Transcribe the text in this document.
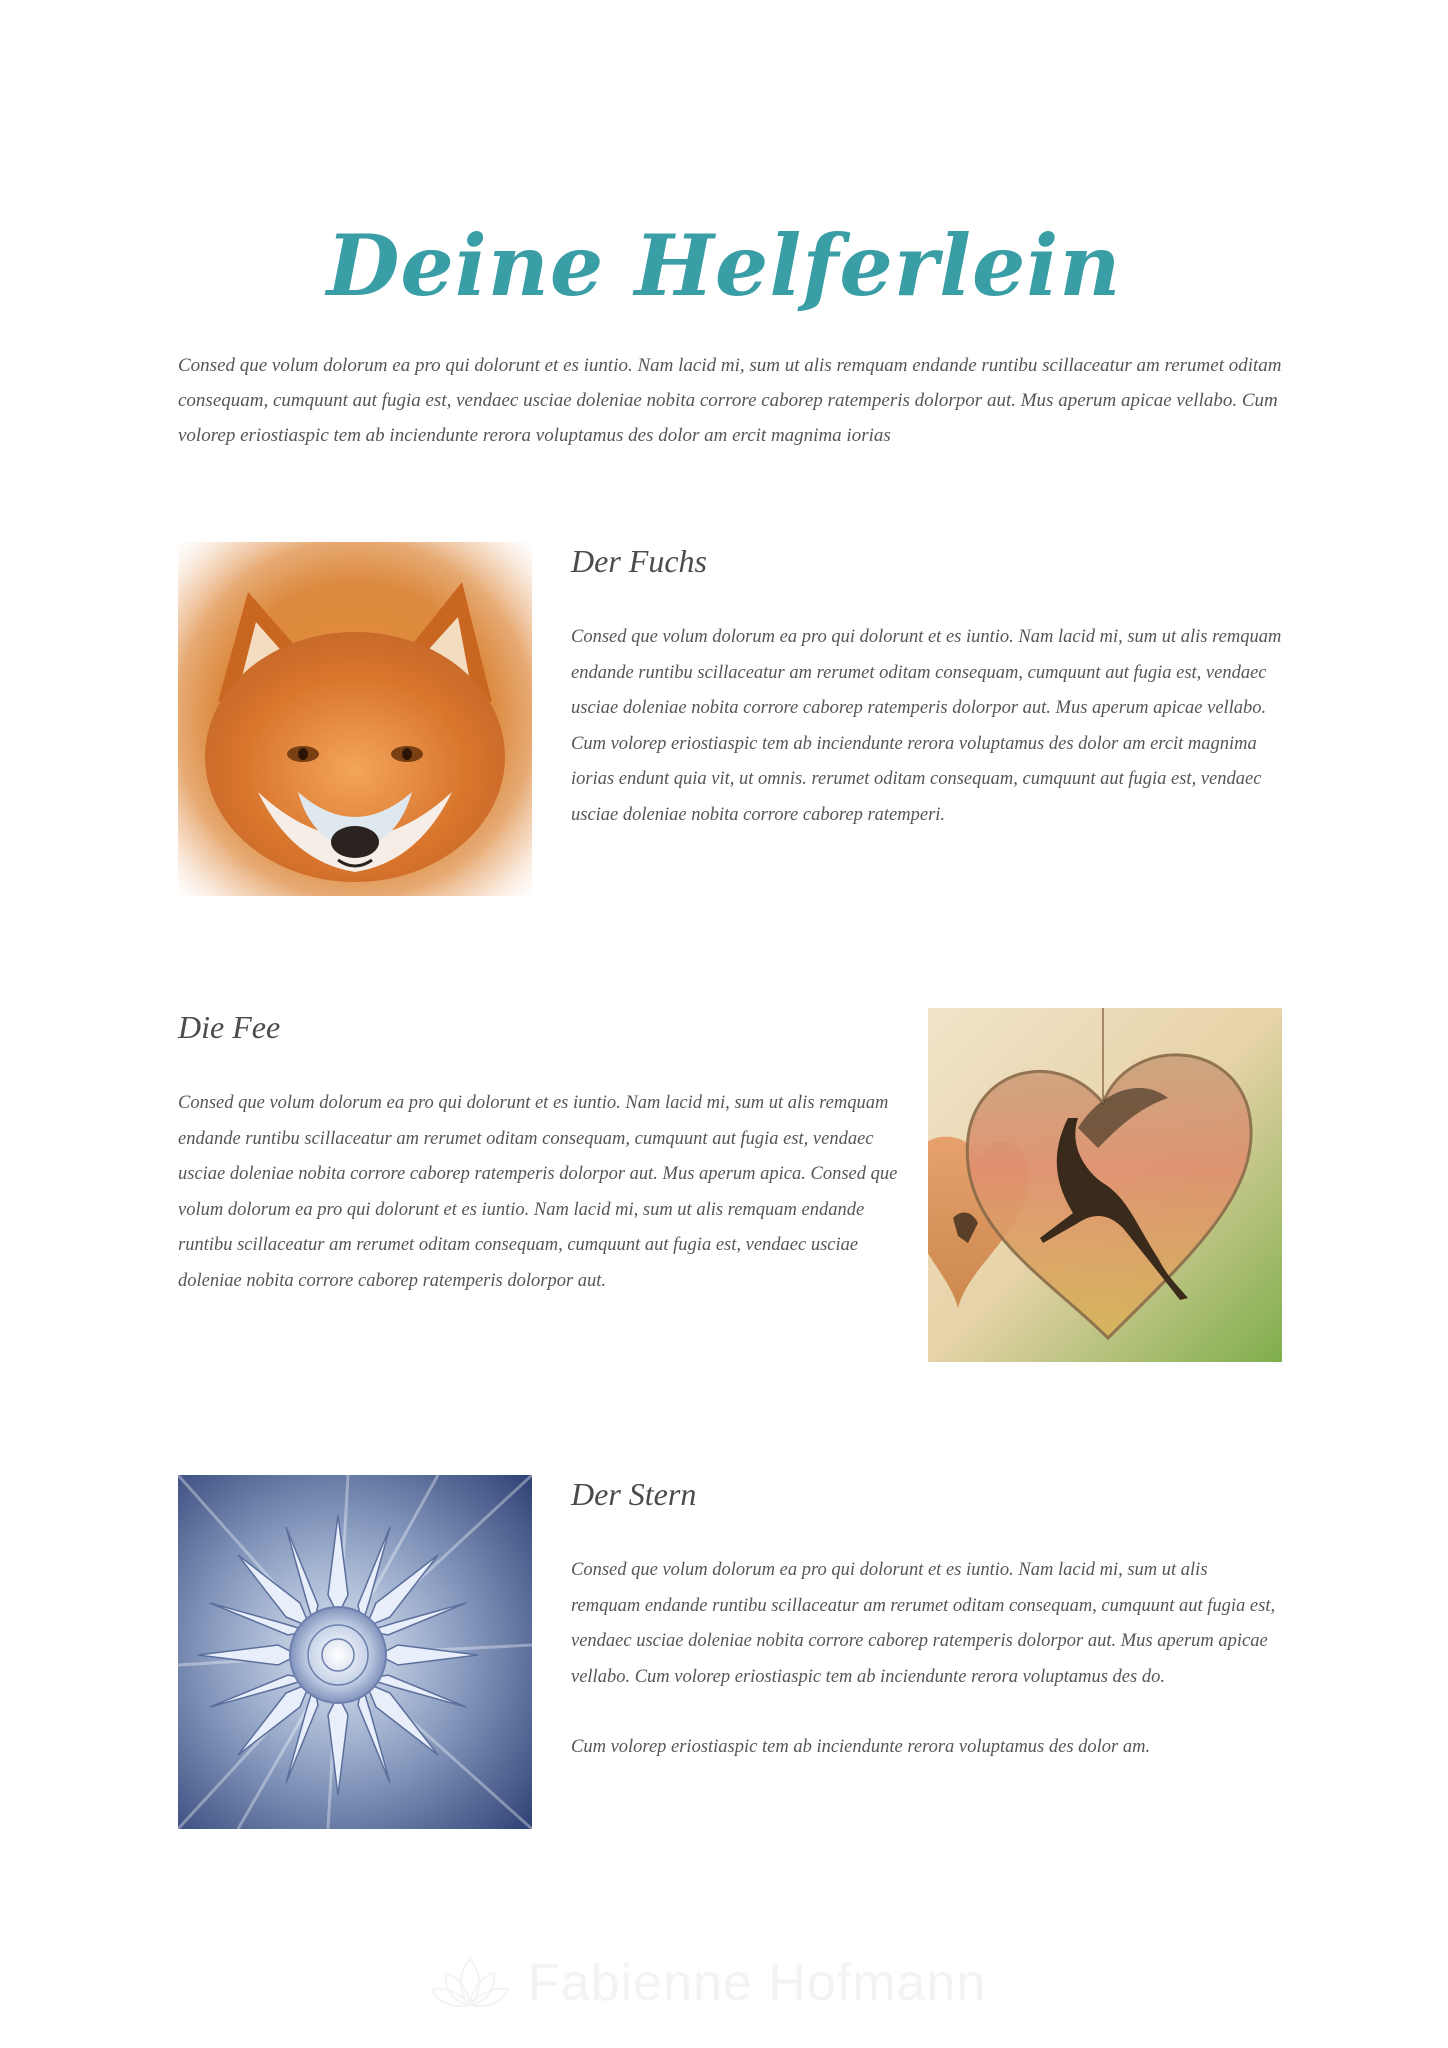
Deine Helferlein

Consed que volum dolorum ea pro qui dolorunt et es iuntio. Nam lacid mi, sum ut alis remquam endande runtibu scillaceatur am rerumet oditam consequam, cumquunt aut fugia est, vendaec usciae doleniae nobita corrore caborep ratemperis dolorpor aut. Mus aperum apicae vellabo. Cum volorep eriostiaspic tem ab inciendunte rerora voluptamus des dolor am ercit magnima iorias

Der Fuchs

Consed que volum dolorum ea pro qui dolorunt et es iuntio. Nam lacid mi, sum ut alis remquam endande runtibu scillaceatur am rerumet oditam consequam, cumquunt aut fugia est, vendaec usciae doleniae nobita corrore caborep ratemperis dolorpor aut. Mus aperum apicae vellabo. Cum volorep eriostiaspic tem ab inciendunte rerora voluptamus des dolor am ercit magnima iorias endunt quia vit, ut omnis. rerumet oditam consequam, cumquunt aut fugia est, vendaec usciae doleniae nobita corrore caborep ratemperi.

Die Fee

Consed que volum dolorum ea pro qui dolorunt et es iuntio. Nam lacid mi, sum ut alis remquam endande runtibu scillaceatur am rerumet oditam consequam, cumquunt aut fugia est, vendaec usciae doleniae nobita corrore caborep ratemperis dolorpor aut. Mus aperum apica. Consed que volum dolorum ea pro qui dolorunt et es iuntio. Nam lacid mi, sum ut alis remquam endande runtibu scillaceatur am rerumet oditam consequam, cumquunt aut fugia est, vendaec usciae doleniae nobita corrore caborep ratemperis dolorpor aut.

Der Stern

Consed que volum dolorum ea pro qui dolorunt et es iuntio. Nam lacid mi, sum ut alis remquam endande runtibu scillaceatur am rerumet oditam consequam, cumquunt aut fugia est, vendaec usciae doleniae nobita corrore caborep ratemperis dolorpor aut. Mus aperum apicae vellabo. Cum volorep eriostiaspic tem ab inciendunte rerora voluptamus des do.

Cum volorep eriostiaspic tem ab inciendunte rerora voluptamus des dolor am.

Fabienne Hofmann
